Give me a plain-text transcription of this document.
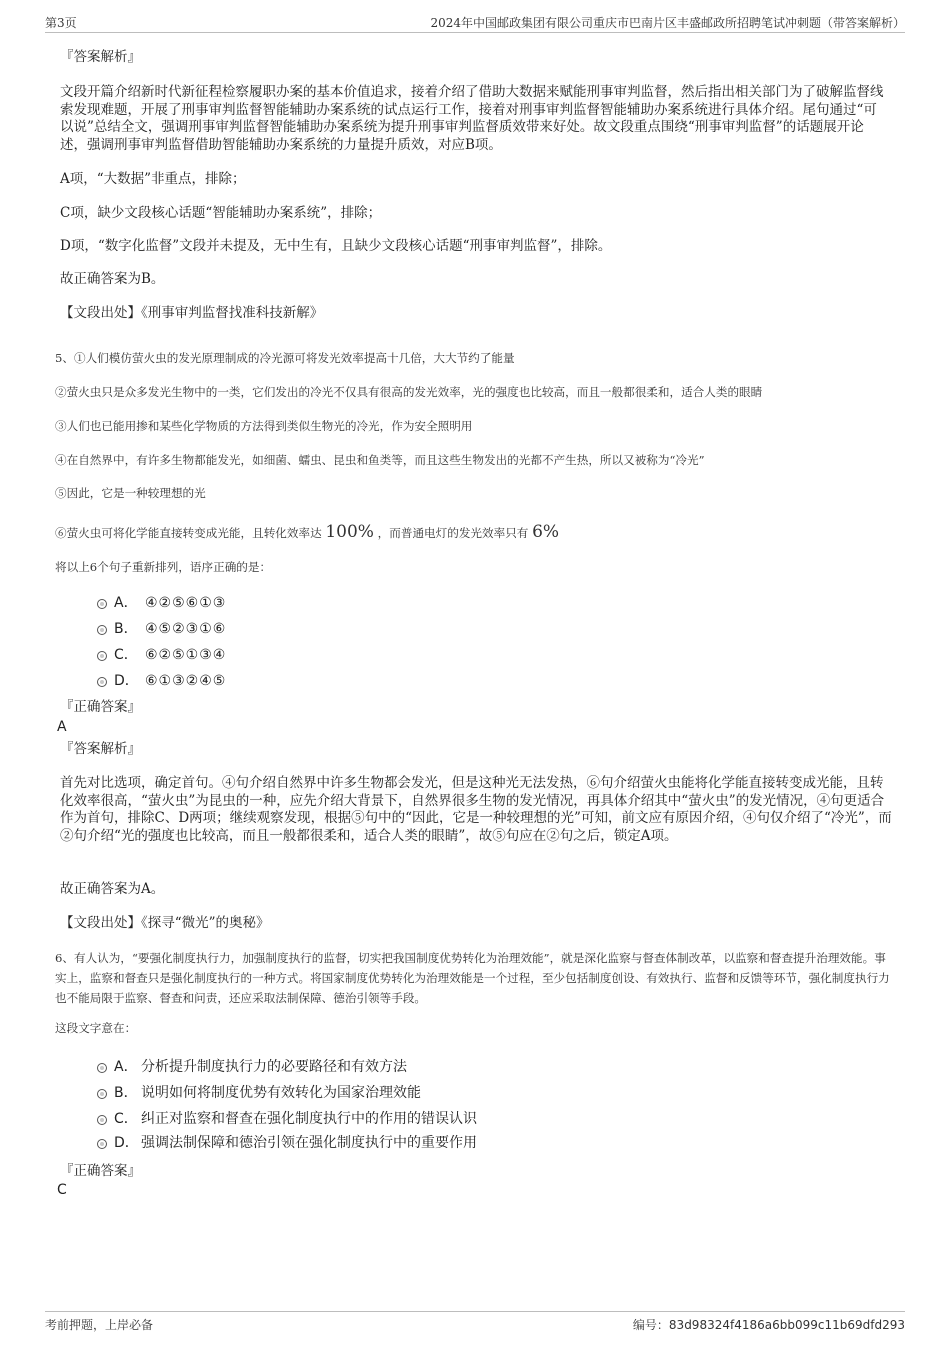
第3页	2024年中国邮政集团有限公司重庆市巴南片区丰盛邮政所招聘笔试冲刺题（带答案解析）

『答案解析』

文段开篇介绍新时代新征程检察履职办案的基本价值追求，接着介绍了借助大数据来赋能刑事审判监督，然后指出相关部门为了破解监督线索发现难题，开展了刑事审判监督智能辅助办案系统的试点运行工作，接着对刑事审判监督智能辅助办案系统进行具体介绍。尾句通过“可以说”总结全文，强调刑事审判监督智能辅助办案系统为提升刑事审判监督质效带来好处。故文段重点围绕“刑事审判监督”的话题展开论述，强调刑事审判监督借助智能辅助办案系统的力量提升质效，对应B项。

A项，“大数据”非重点，排除；

C项，缺少文段核心话题“智能辅助办案系统”，排除；

D项，“数字化监督”文段并未提及，无中生有，且缺少文段核心话题“刑事审判监督”，排除。

故正确答案为B。

【文段出处】《刑事审判监督找准科技新解》

5、①人们模仿萤火虫的发光原理制成的冷光源可将发光效率提高十几倍，大大节约了能量

②萤火虫只是众多发光生物中的一类，它们发出的冷光不仅具有很高的发光效率，光的强度也比较高，而且一般都很柔和，适合人类的眼睛

③人们也已能用掺和某些化学物质的方法得到类似生物光的冷光，作为安全照明用

④在自然界中，有许多生物都能发光，如细菌、蠕虫、昆虫和鱼类等，而且这些生物发出的光都不产生热，所以又被称为“冷光”

⑤因此，它是一种较理想的光

⑥萤火虫可将化学能直接转变成光能，且转化效率达 100% ，而普通电灯的发光效率只有 6%

将以上6个句子重新排列，语序正确的是：

A． ④②⑤⑥①③
B． ④⑤②③①⑥
C． ⑥②⑤①③④
D． ⑥①③②④⑤

『正确答案』

A

『答案解析』

首先对比选项，确定首句。④句介绍自然界中许多生物都会发光，但是这种光无法发热，⑥句介绍萤火虫能将化学能直接转变成光能，且转化效率很高，“萤火虫”为昆虫的一种，应先介绍大背景下，自然界很多生物的发光情况，再具体介绍其中“萤火虫”的发光情况，④句更适合作为首句，排除C、D两项；继续观察发现，根据⑤句中的“因此，它是一种较理想的光”可知，前文应有原因介绍，④句仅介绍了“冷光”，而②句介绍“光的强度也比较高，而且一般都很柔和，适合人类的眼睛”，故⑤句应在②句之后，锁定A项。

故正确答案为A。

【文段出处】《探寻“微光”的奥秘》

6、有人认为，“要强化制度执行力，加强制度执行的监督，切实把我国制度优势转化为治理效能”，就是深化监察与督查体制改革，以监察和督查提升治理效能。事实上，监察和督查只是强化制度执行的一种方式。将国家制度优势转化为治理效能是一个过程，至少包括制度创设、有效执行、监督和反馈等环节，强化制度执行力也不能局限于监察、督查和问责，还应采取法制保障、德治引领等手段。

这段文字意在：

A． 分析提升制度执行力的必要路径和有效方法
B． 说明如何将制度优势有效转化为国家治理效能
C． 纠正对监察和督查在强化制度执行中的作用的错误认识
D． 强调法制保障和德治引领在强化制度执行中的重要作用

『正确答案』

C

考前押题，上岸必备	编号：83d98324f4186a6bb099c11b69dfd293
